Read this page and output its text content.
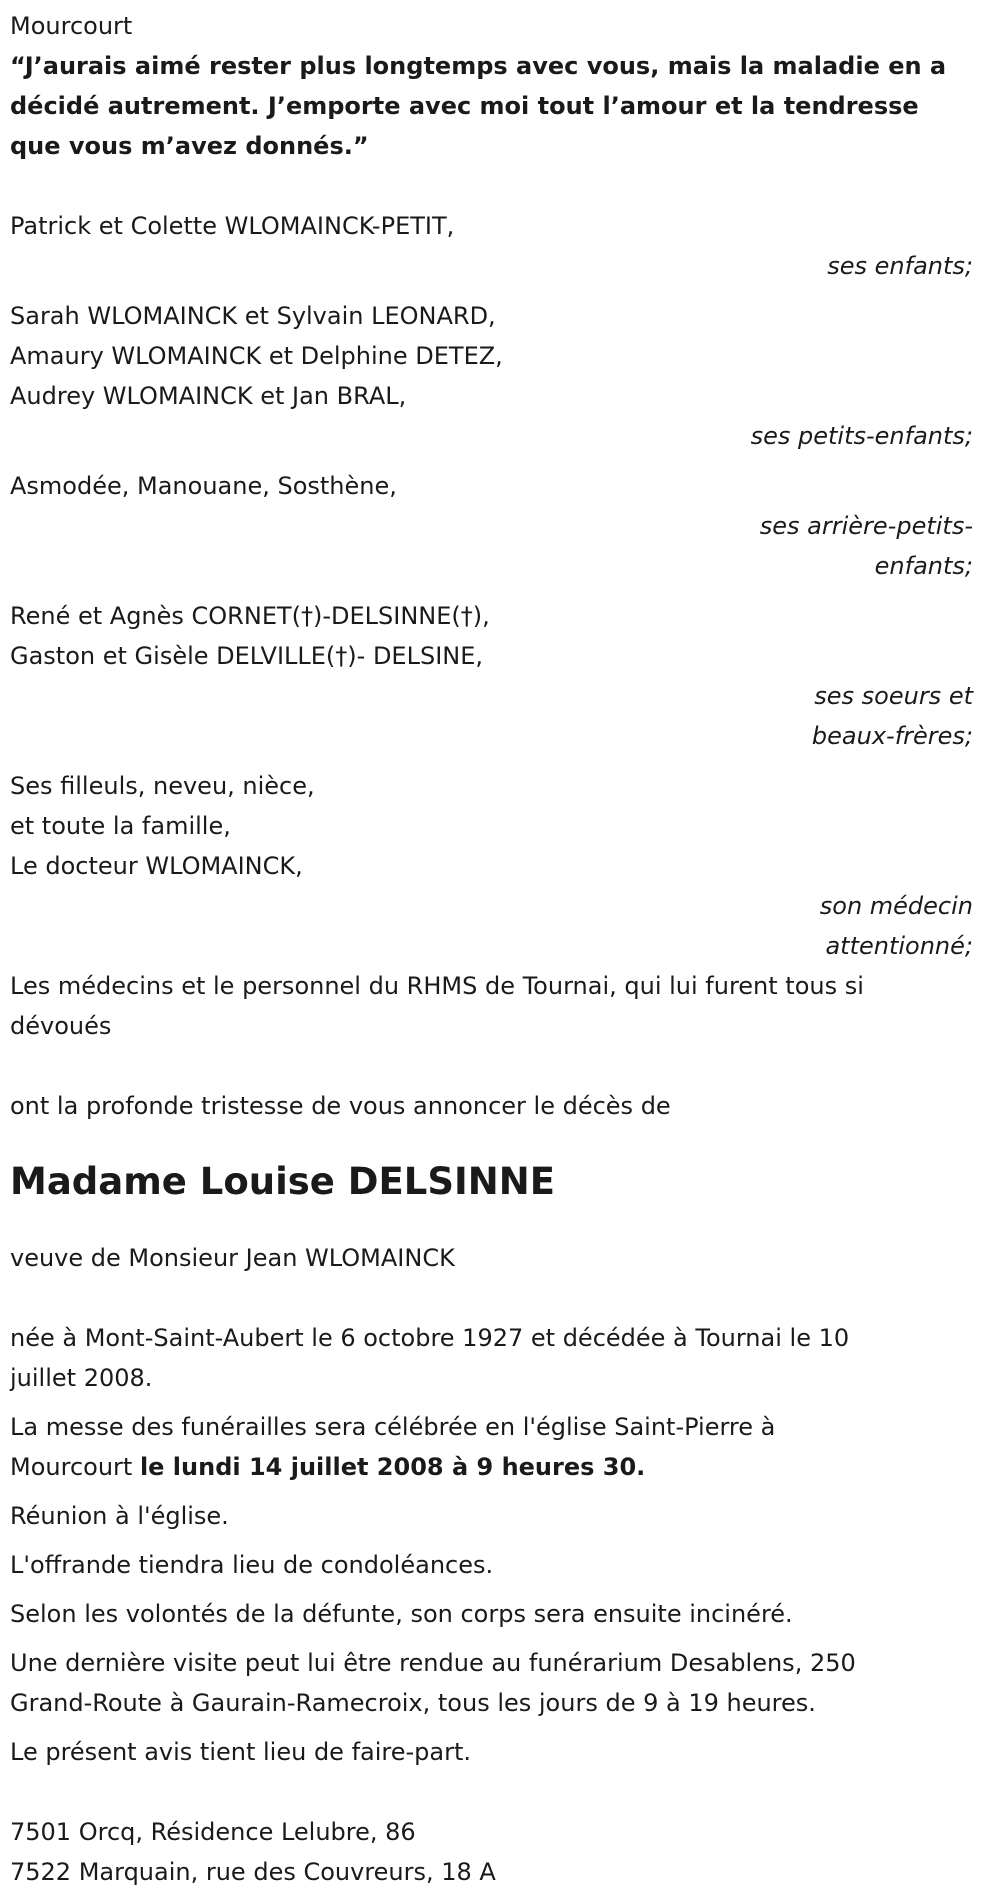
Mourcourt
“J’aurais aimé rester plus longtemps avec vous, mais la maladie en a
décidé autrement. J’emporte avec moi tout l’amour et la tendresse
que vous m’avez donnés.”
Patrick et Colette WLOMAINCK-PETIT,
ses enfants;
Sarah WLOMAINCK et Sylvain LEONARD,
Amaury WLOMAINCK et Delphine DETEZ,
Audrey WLOMAINCK et Jan BRAL,
ses petits-enfants;
Asmodée, Manouane, Sosthène,
ses arrière-petits-
enfants;
René et Agnès CORNET(†)-DELSINNE(†),
Gaston et Gisèle DELVILLE(†)- DELSINE,
ses soeurs et
beaux-frères;
Ses filleuls, neveu, nièce,
et toute la famille,
Le docteur WLOMAINCK,
son médecin
attentionné;
Les médecins et le personnel du RHMS de Tournai, qui lui furent tous si
dévoués
ont la profonde tristesse de vous annoncer le décès de
Madame Louise DELSINNE
veuve de Monsieur Jean WLOMAINCK
née à Mont-Saint-Aubert le 6 octobre 1927 et décédée à Tournai le 10
juillet 2008.
La messe des funérailles sera célébrée en l'église Saint-Pierre à
Mourcourt le lundi 14 juillet 2008 à 9 heures 30.
Réunion à l'église.
L'offrande tiendra lieu de condoléances.
Selon les volontés de la défunte, son corps sera ensuite incinéré.
Une dernière visite peut lui être rendue au funérarium Desablens, 250
Grand-Route à Gaurain-Ramecroix, tous les jours de 9 à 19 heures.
Le présent avis tient lieu de faire-part.
7501 Orcq, Résidence Lelubre, 86
7522 Marquain, rue des Couvreurs, 18 A
